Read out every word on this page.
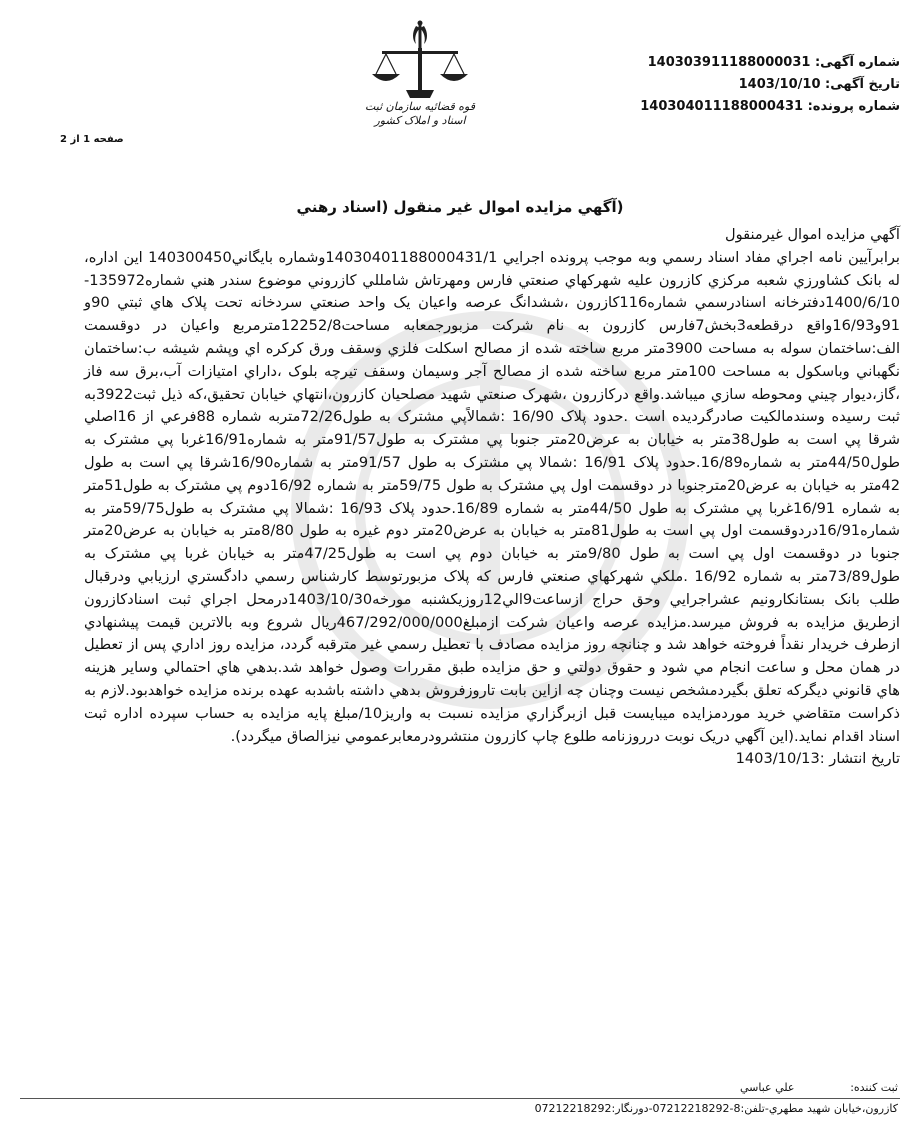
شماره آگهی: 140303911188000031
تاریخ آگهی: 1403/10/10
شماره پرونده: 140304011188000431
قوه قضائیه سازمان ثبت اسناد و املاک کشور
صفحه 1 از 2
(آگهي مزايده اموال غير منقول (اسناد رهني
آگهي مزايده اموال غيرمنقول
برابرآيين نامه اجراي مفاد اسناد رسمي وبه موجب پرونده اجرايي 14030401188000431/1وشماره بايگاني140300450 اين اداره، له بانک کشاورزي شعبه مرکزي کازرون عليه شهرکهاي صنعتي فارس ومهرتاش شامللي کازروني موضوع سندر هني شماره135972-1400/6/10دفترخانه اسنادرسمي شماره116کازرون ،ششدانگ عرصه واعيان يک واحد صنعتي سردخانه تحت پلاک هاي ثبتي 90و 91و16/93واقع درقطعه3بخش7فارس کازرون به نام شرکت مزبورجمعابه مساحت12252/8مترمربع واعيان در دوقسمت الف:ساختمان سوله به مساحت 3900متر مربع ساخته شده از مصالح اسکلت فلزي وسقف ورق کرکره اي وپشم شيشه ب:ساختمان نگهباني وباسکول به مساحت 100متر مربع ساخته شده از مصالح آجر وسيمان وسقف تيرچه بلوک ،داراي امتيازات آب،برق سه فاز ،گاز،ديوار چيني ومحوطه سازي ميباشد.واقع درکازرون ،شهرک صنعتي شهيد مصلحيان کازرون،انتهاي خيابان تحقيق،که ذيل ثبت3922به ثبت رسيده وسندمالکيت صادرگرديده است .حدود پلاک 16/90 :شمالاًپي مشترک به طول72/26متربه شماره 88فرعي از 16اصلي شرقا پي است به طول38متر به خيابان به عرض20متر جنوبا پي مشترک به طول91/57متر به شماره16/91غربا پي مشترک به طول44/50متر به شماره16/89.حدود پلاک 16/91 :شمالا پي مشترک به طول 91/57متر به شماره16/90شرقا پي است به طول 42متر به خيابان به عرض20مترجنوبا در دوقسمت اول پي مشترک به طول 59/75متر به شماره 16/92دوم پي مشترک به طول51متر به شماره 16/91غربا پي مشترک به طول 44/50متر به شماره 16/89.حدود پلاک 16/93 :شمالا پي مشترک به طول59/75متر به شماره16/91دردوقسمت اول پي است به طول81متر به خيابان به عرض20متر دوم غيره به طول 8/80متر به خيابان به عرض20متر جنوبا در دوقسمت اول پي است به طول 9/80متر به خيابان دوم پي است به طول47/25متر به خيابان غربا پي مشترک به طول73/89متر به شماره 16/92 .ملکي شهرکهاي صنعتي فارس که پلاک مزبورتوسط کارشناس رسمي دادگستري ارزيابي ودرقبال طلب بانک بستانکارونيم عشراجرايي وحق حراج ازساعت9الي12روزيکشنبه مورخه1403/10/30درمحل اجراي ثبت اسنادکازرون ازطريق مزايده به فروش ميرسد.مزايده عرصه واعيان شرکت ازمبلغ467/292/000/000ريال شروع وبه بالاترين قيمت پيشنهادي ازطرف خريدار نقداً فروخته خواهد شد و چنانچه روز مزايده مصادف با تعطيل رسمي غير مترقبه گردد، مزايده روز اداري پس از تعطيل در همان محل و ساعت انجام مي شود و حقوق دولتي و حق مزايده طبق مقررات وصول خواهد شد.بدهي هاي احتمالي وساير هزينه هاي قانوني ديگرکه تعلق بگيردمشخص نيست وچنان چه ازاين بابت تاروزفروش بدهي داشته باشدبه عهده برنده مزايده خواهدبود.لازم به ذکراست متقاضي خريد موردمزايده ميبايست قبل ازبرگزاري مزايده نسبت به واريز10/مبلغ پايه مزايده به حساب سپرده اداره ثبت اسناد اقدام نمايد.(اين آگهي دريک نوبت درروزنامه طلوع چاپ کازرون منتشرودرمعابرعمومي نيزالصاق ميگردد).
تاريخ انتشار :1403/10/13
ثبت کننده: علي عباسي
كازرون،خيابان شهيد مطهري-تلفن:8-07212218292-دورنگار:07212218292
